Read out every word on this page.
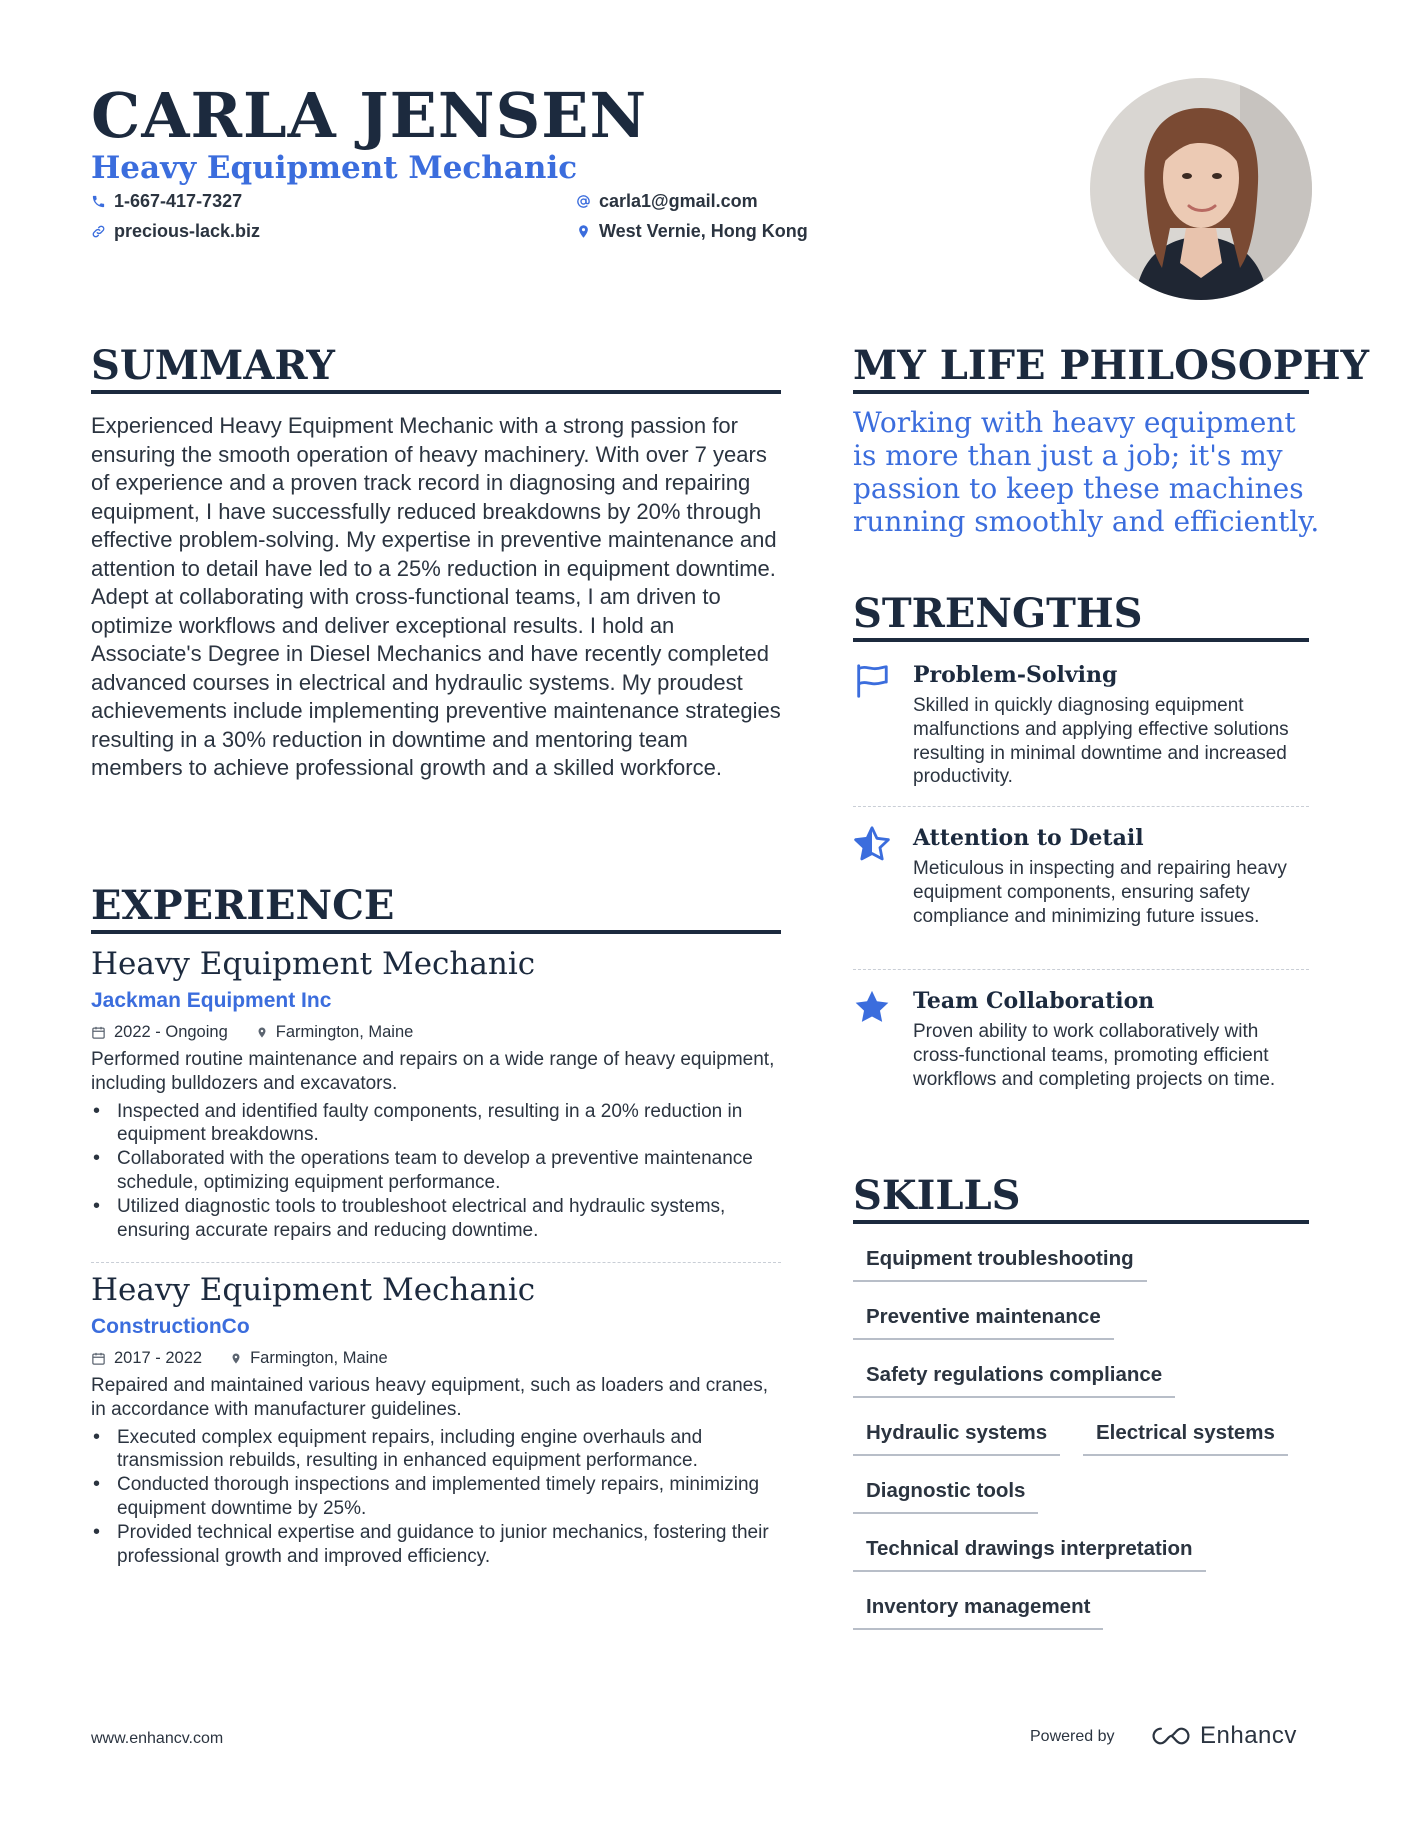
CARLA JENSEN
Heavy Equipment Mechanic
1-667-417-7327	carla1@gmail.com
precious-lack.biz	West Vernie, Hong Kong
SUMMARY

Experienced Heavy Equipment Mechanic with a strong passion for ensuring the smooth operation of heavy machinery. With over 7 years of experience and a proven track record in diagnosing and repairing equipment, I have successfully reduced breakdowns by 20% through effective problem-solving. My expertise in preventive maintenance and attention to detail have led to a 25% reduction in equipment downtime. Adept at collaborating with cross-functional teams, I am driven to optimize workflows and deliver exceptional results. I hold an Associate's Degree in Diesel Mechanics and have recently completed advanced courses in electrical and hydraulic systems. My proudest achievements include implementing preventive maintenance strategies resulting in a 30% reduction in downtime and mentoring team members to achieve professional growth and a skilled workforce.

EXPERIENCE
Heavy Equipment Mechanic
Jackman Equipment Inc
2022 - Ongoing	Farmington, Maine
Performed routine maintenance and repairs on a wide range of heavy equipment, including bulldozers and excavators.
• Inspected and identified faulty components, resulting in a 20% reduction in equipment breakdowns.
• Collaborated with the operations team to develop a preventive maintenance schedule, optimizing equipment performance.
• Utilized diagnostic tools to troubleshoot electrical and hydraulic systems, ensuring accurate repairs and reducing downtime.
Heavy Equipment Mechanic
ConstructionCo
2017 - 2022	Farmington, Maine
Repaired and maintained various heavy equipment, such as loaders and cranes, in accordance with manufacturer guidelines.
• Executed complex equipment repairs, including engine overhauls and transmission rebuilds, resulting in enhanced equipment performance.
• Conducted thorough inspections and implemented timely repairs, minimizing equipment downtime by 25%.
• Provided technical expertise and guidance to junior mechanics, fostering their professional growth and improved efficiency.
MY LIFE PHILOSOPHY
Working with heavy equipment is more than just a job; it's my passion to keep these machines running smoothly and efficiently.
STRENGTHS
Problem-Solving
Skilled in quickly diagnosing equipment malfunctions and applying effective solutions resulting in minimal downtime and increased productivity.
Attention to Detail
Meticulous in inspecting and repairing heavy equipment components, ensuring safety compliance and minimizing future issues.
Team Collaboration
Proven ability to work collaboratively with cross-functional teams, promoting efficient workflows and completing projects on time.
SKILLS
Equipment troubleshooting
Preventive maintenance
Safety regulations compliance
Hydraulic systems	Electrical systems
Diagnostic tools
Technical drawings interpretation
Inventory management
www.enhancv.com	Powered by	Enhancv
